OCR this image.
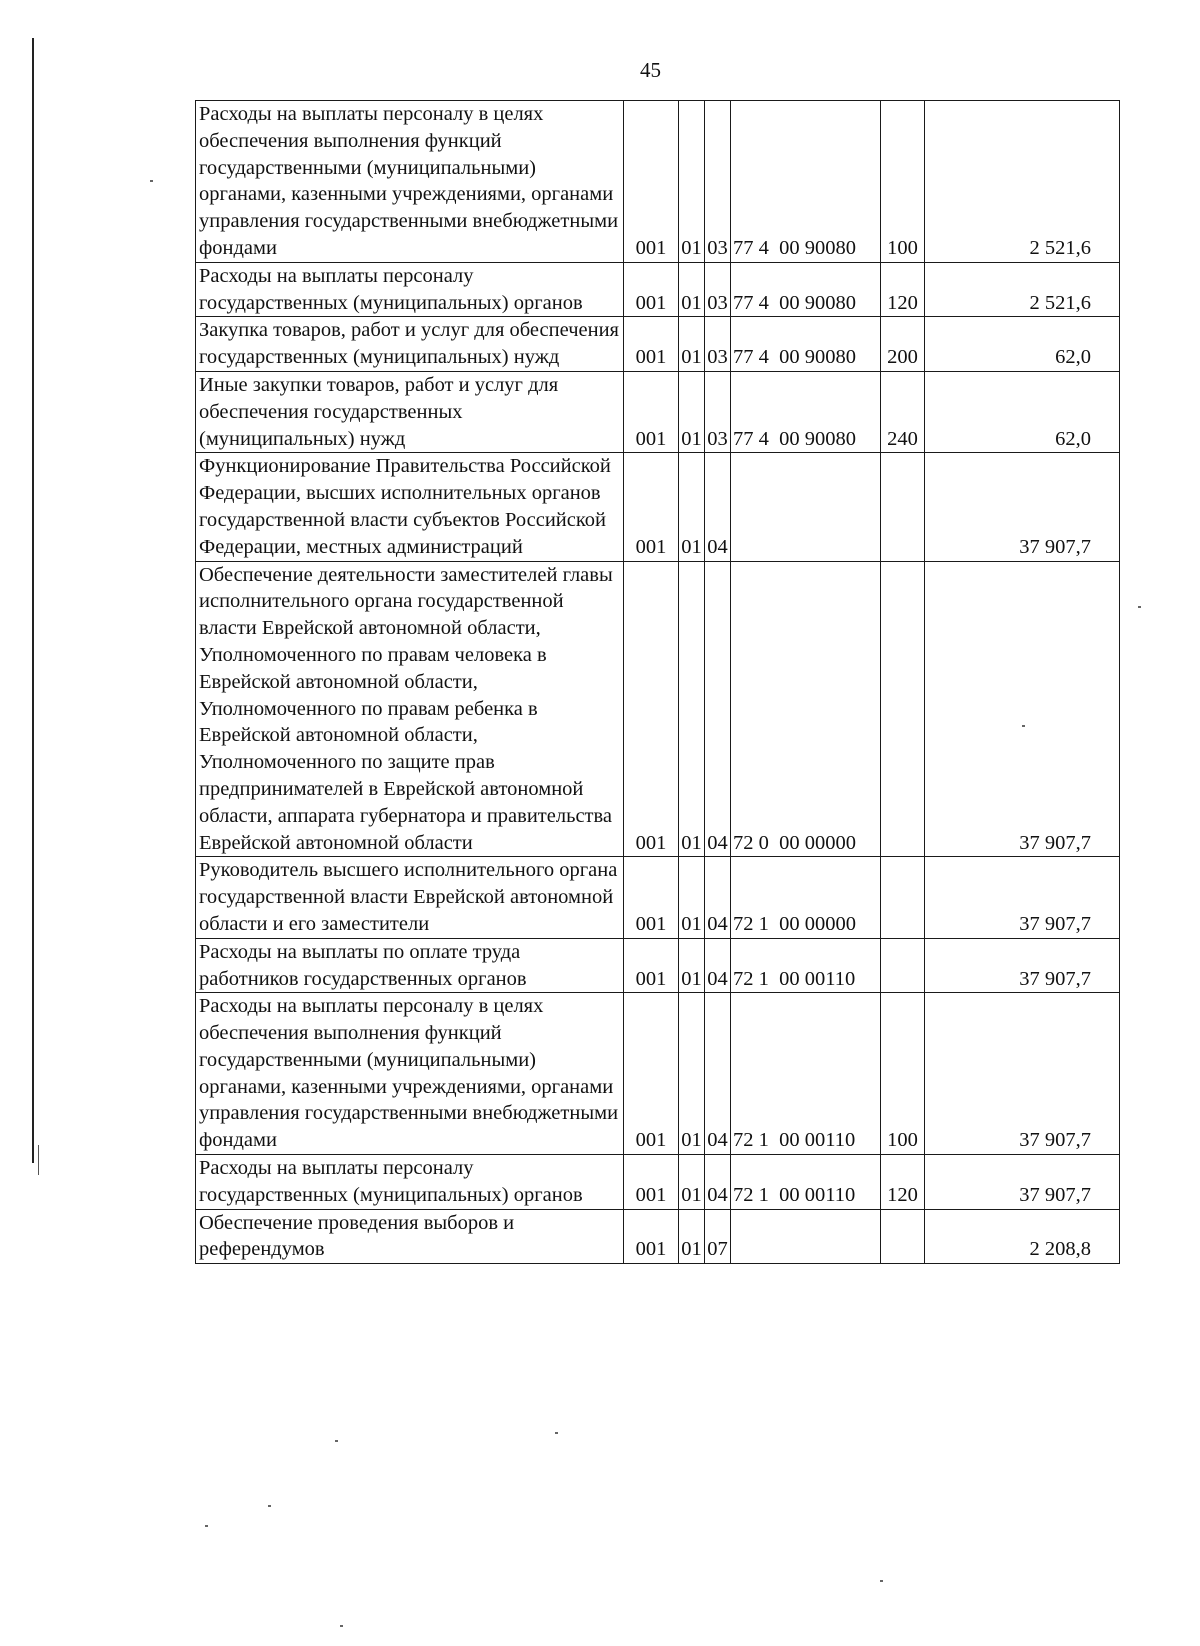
45
Расходы на выплаты персоналу в целях обеспечения выполнения функций государственными (муниципальными) органами, казенными учреждениями, органами управления государственными внебюджетными фондами	001	01	03	77 4  00 90080	100	2 521,6
Расходы на выплаты персоналу государственных (муниципальных) органов	001	01	03	77 4  00 90080	120	2 521,6
Закупка товаров, работ и услуг для обеспечения государственных (муниципальных) нужд	001	01	03	77 4  00 90080	200	62,0
Иные закупки товаров, работ и услуг для обеспечения государственных (муниципальных) нужд	001	01	03	77 4  00 90080	240	62,0
Функционирование Правительства Российской Федерации, высших исполнительных органов государственной власти субъектов Российской Федерации, местных администраций	001	01	04			37 907,7
Обеспечение деятельности заместителей главы исполнительного органа государственной власти Еврейской автономной области, Уполномоченного по правам человека в Еврейской автономной области, Уполномоченного по правам ребенка в Еврейской автономной области, Уполномоченного по защите прав предпринимателей в Еврейской автономной области, аппарата губернатора и правительства Еврейской автономной области	001	01	04	72 0  00 00000		37 907,7
Руководитель высшего исполнительного органа государственной власти Еврейской автономной области и его заместители	001	01	04	72 1  00 00000		37 907,7
Расходы на выплаты по оплате труда работников государственных органов	001	01	04	72 1  00 00110		37 907,7
Расходы на выплаты персоналу в целях обеспечения выполнения функций государственными (муниципальными) органами, казенными учреждениями, органами управления государственными внебюджетными фондами	001	01	04	72 1  00 00110	100	37 907,7
Расходы на выплаты персоналу государственных (муниципальных) органов	001	01	04	72 1  00 00110	120	37 907,7
Обеспечение проведения выборов и референдумов	001	01	07			2 208,8
